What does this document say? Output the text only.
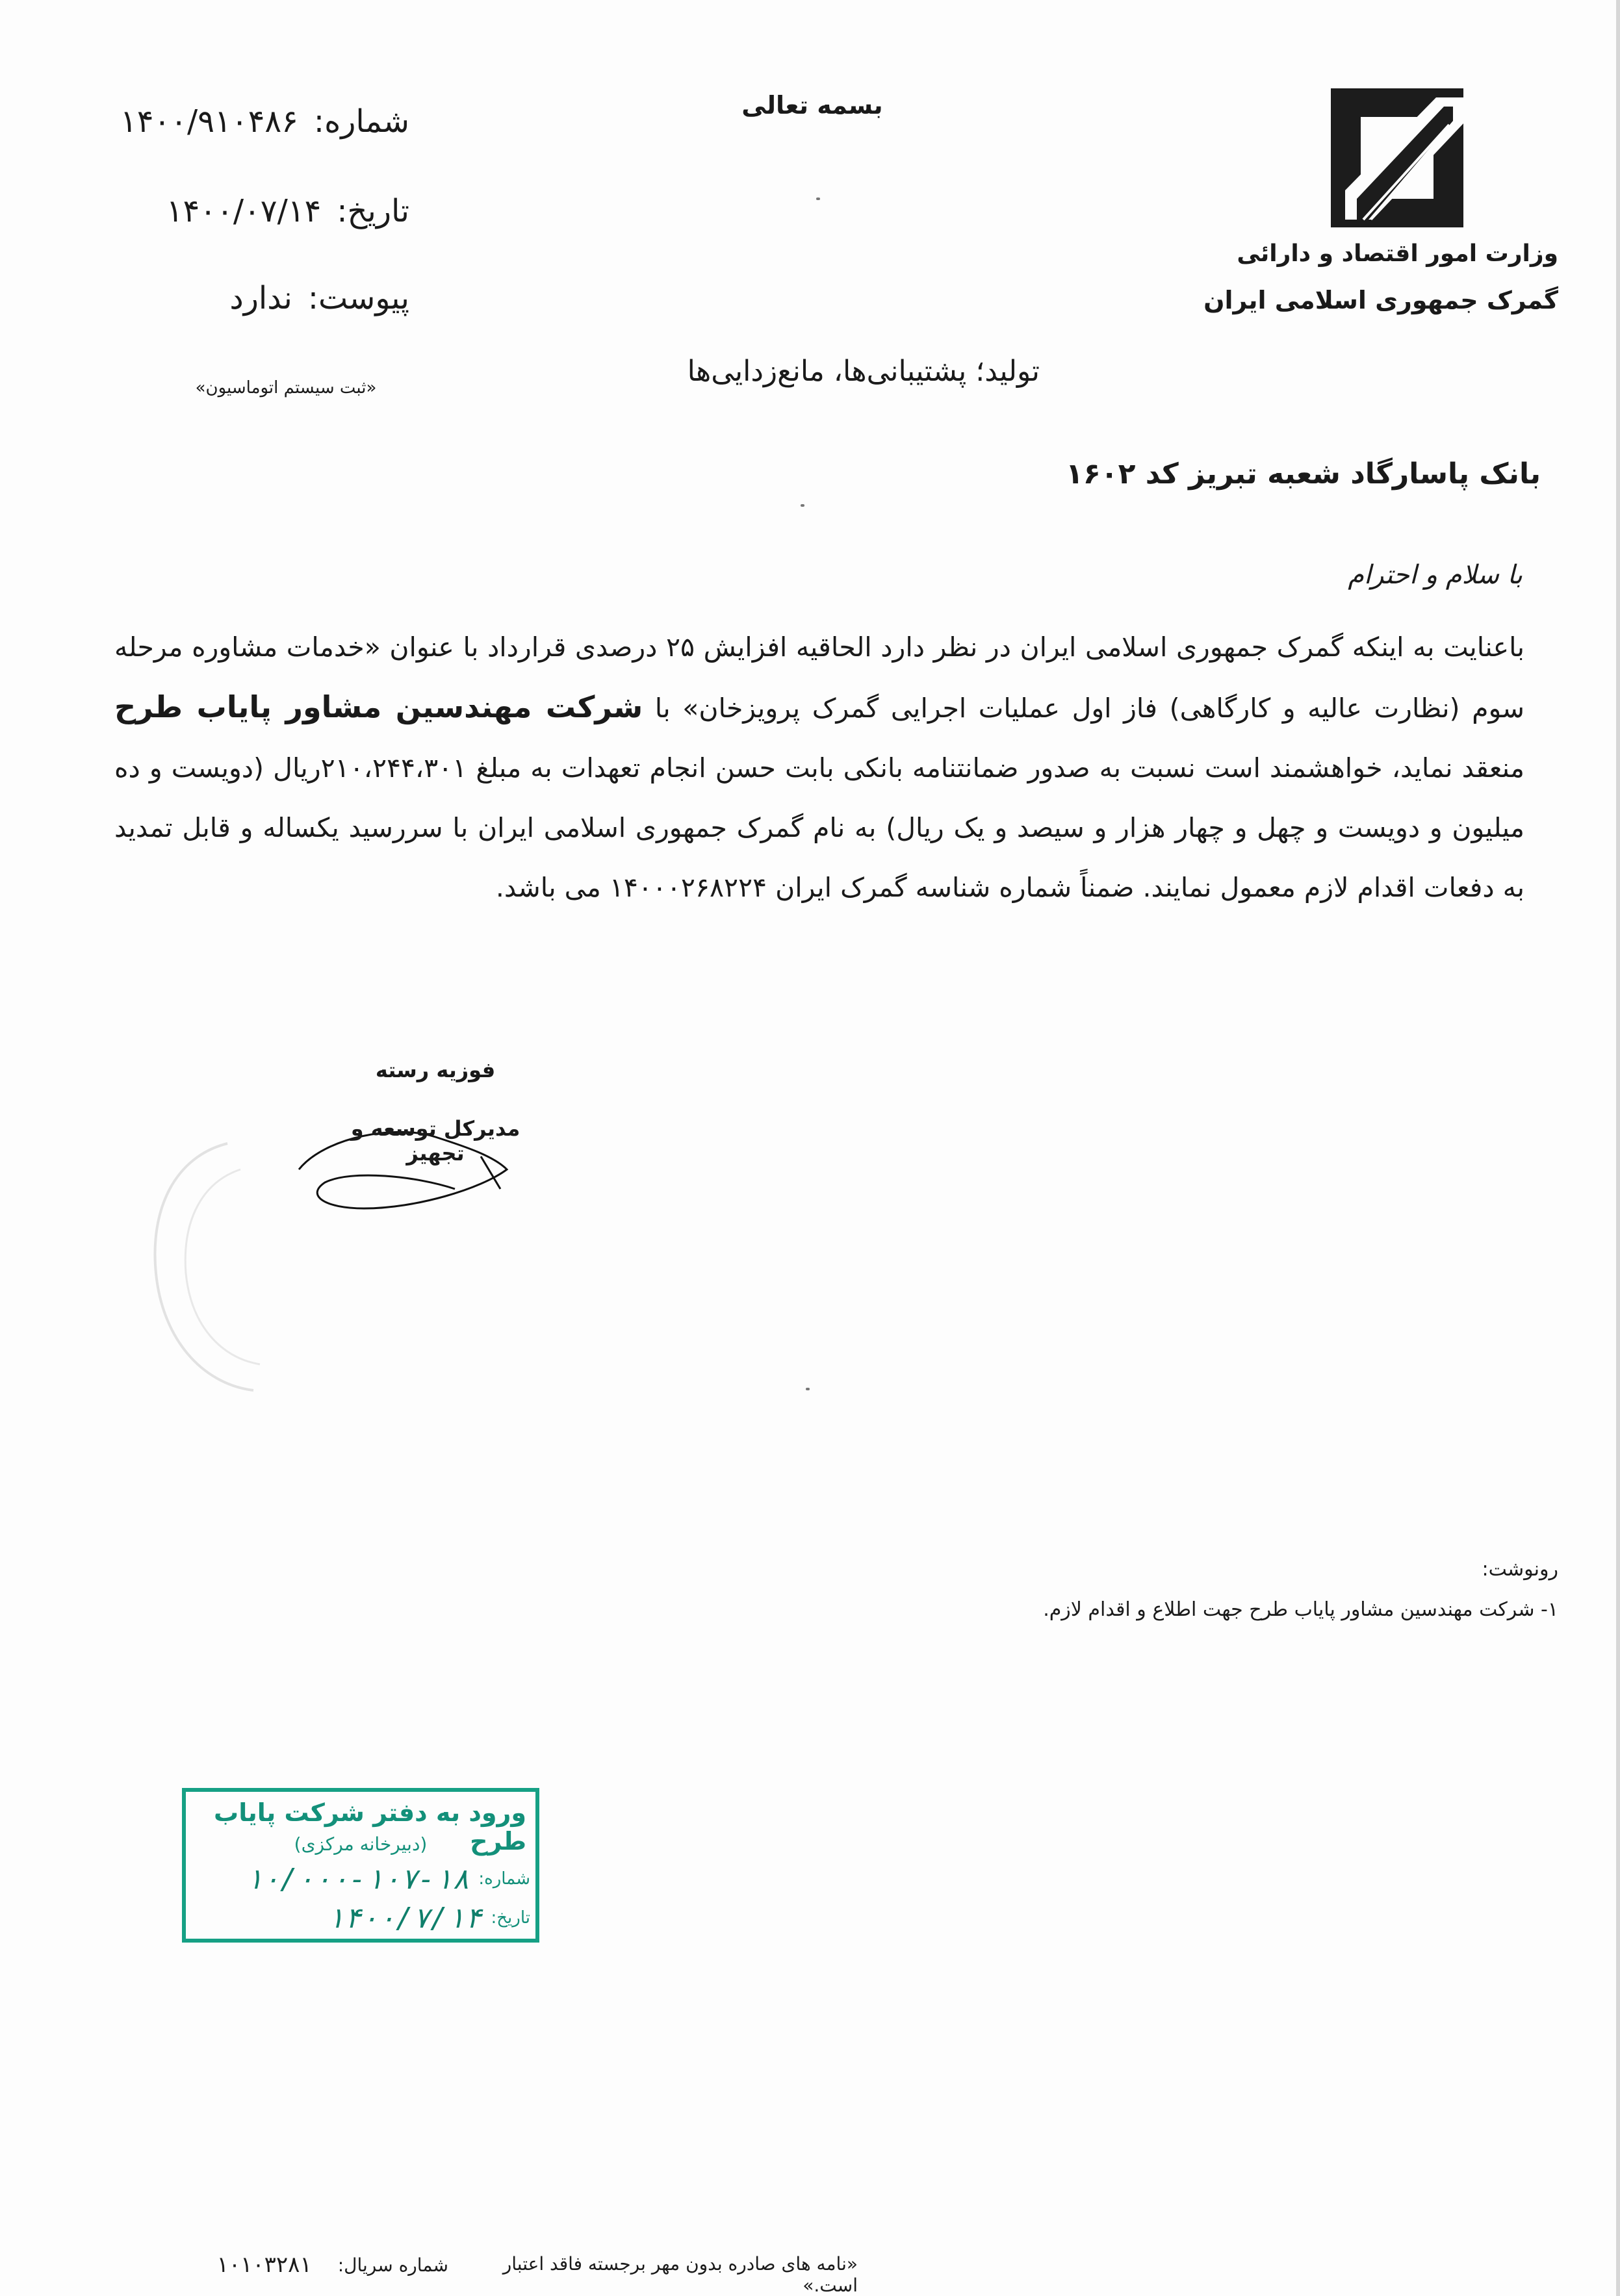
وزارت امور اقتصاد و دارائی
گمرک جمهوری اسلامی ایران
بسمه تعالی
شماره:
۱۴۰۰/۹۱۰۴۸۶
تاریخ:
۱۴۰۰/۰۷/۱۴
پیوست:
ندارد
«ثبت سیستم اتوماسیون»	تولید؛ پشتیبانی‌ها، مانع‌زدایی‌ها
بانک پاسارگاد شعبه تبریز کد ۱۶۰۲
با سلام و احترام
باعنایت به اینکه گمرک جمهوری اسلامی ایران در نظر دارد الحاقیه افزایش ۲۵ درصدی قرارداد با عنوان «خدمات مشاوره مرحله سوم (نظارت عالیه و کارگاهی) فاز اول عملیات اجرایی گمرک پرویزخان» با شرکت مهندسین مشاور پایاب طرح منعقد نماید، خواهشمند است نسبت به صدور ضمانتنامه بانکی بابت حسن انجام تعهدات به مبلغ ۲۱۰،۲۴۴،۳۰۱ریال (دویست و ده میلیون و دویست و چهل و چهار هزار و سیصد و یک ریال) به نام گمرک جمهوری اسلامی ایران با سررسید یکساله و قابل تمدید به دفعات اقدام لازم معمول نمایند. ضمناً شماره شناسه گمرک ایران ۱۴۰۰۰۲۶۸۲۲۴ می باشد.
فوزیه رسته
مدیرکل توسعه و تجهیز
رونوشت:
۱- شرکت مهندسین مشاور پایاب طرح جهت اطلاع و اقدام لازم.
ورود به دفتر شرکت پایاب طرح
(دبیرخانه مرکزی)
شماره:
۱۰/۰۰۰-۱۰۷-۱۸
تاریخ:
۱۴۰۰/۷/۱۴
«نامه های صادره بدون مهر برجسته فاقد اعتبار است.»
شماره سریال:
۱۰۱۰۳۲۸۱
